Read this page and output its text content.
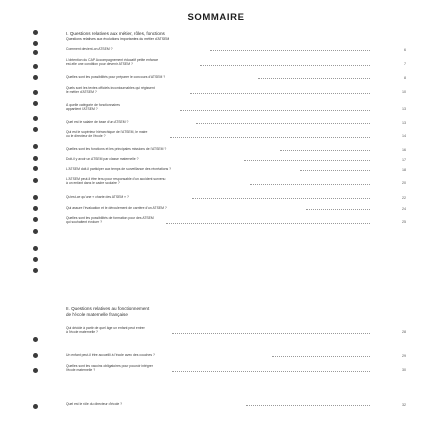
SOMMAIRE
I. Questions relatives aux métier, rôles, fonctions
Questions relatives aux évolutions importantes du métier d'ATSEM
II. Questions relatives au fonctionnement
de l'école maternelle française
Comment devient-on ATSEM ?
L'obtention du CAP Accompagnement éducatif petite enfance
est-elle une condition pour devenir ATSEM ?
Quelles sont les possibilités pour préparer le concours d'ATSEM ?
Quels sont les textes officiels incontournables qui régissent
le métier d'ATSEM ?
À quelle catégorie de fonctionnaires
appartient l'ATSEM ?
Quel est le salaire de base d'un ATSEM ?
Qui est le supérieur hiérarchique de l'ATSEM, le maire
ou le directeur de l'école ?
Quelles sont les fonctions et les principales missions de l'ATSEM ?
Doit-il y avoir un ATSEM par classe maternelle ?
L'ATSEM doit-il participer aux temps de surveillance des récréations ?
L'ATSEM peut-il être tenu pour responsable d'un accident survenu
à un enfant dans le cadre scolaire ?
Qu'est-ce qu'une « charte des ATSEM » ?
Qui assure l'évaluation et le déroulement de carrière d'un ATSEM ?
Quelles sont les possibilités de formation pour des ATSEM
qui souhaitent évoluer ?
Qui décide à partir de quel âge un enfant peut entrer
à l'école maternelle ?
Un enfant peut-il être accueilli à l'école avec des couches ?
Quelles sont les vaccins obligatoires pour pouvoir intégrer
l'école maternelle ?
Quel est le rôle du directeur d'école ?
6
7
8
10
13
13
14
16
17
18
20
22
24
25
28
29
30
32
